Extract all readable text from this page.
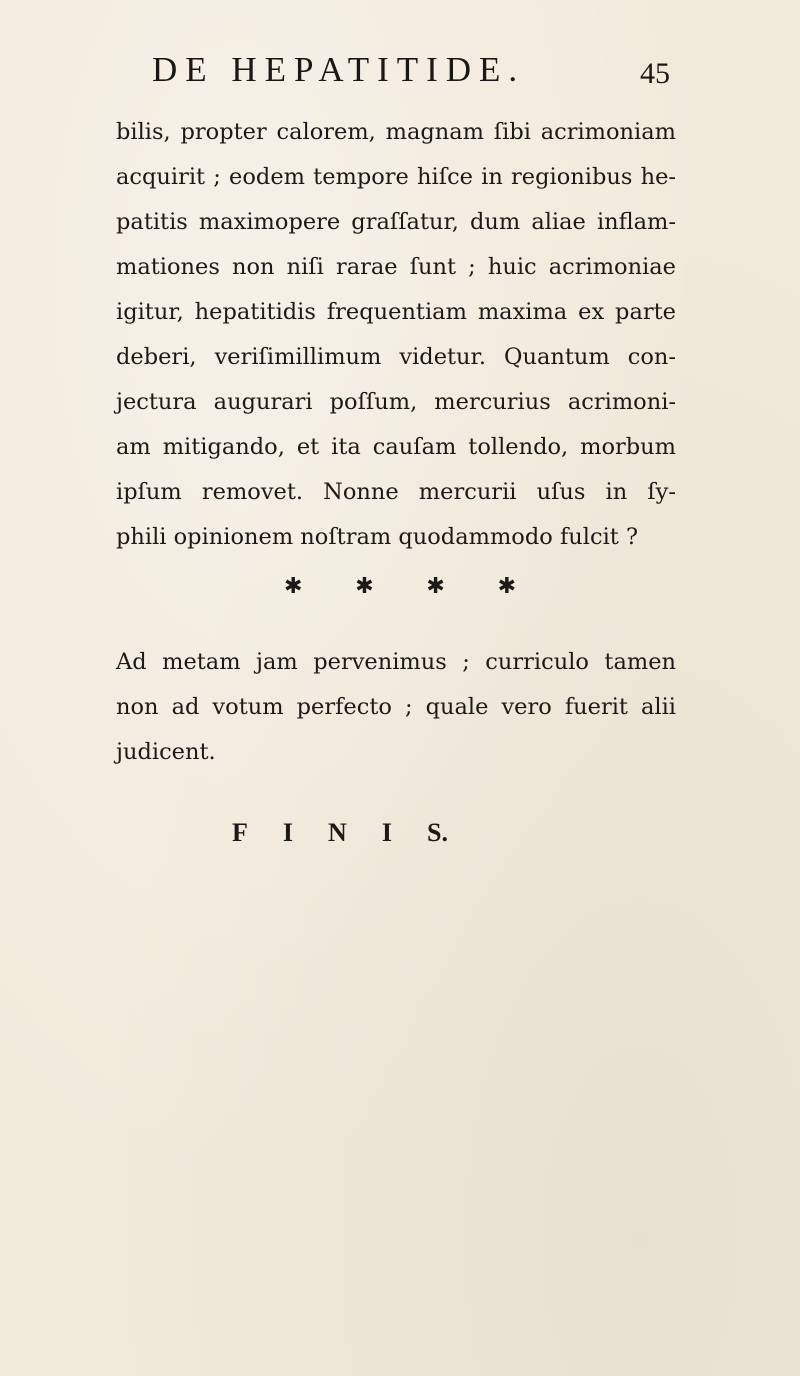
DE HEPATITIDE.	45
bilis, propter calorem, magnam ſibi acrimoniam
acquirit ; eodem tempore hiſce in regionibus he-
patitis maximopere graſſatur, dum aliae inflam-
mationes non niſi rarae ſunt ; huic acrimoniae
igitur, hepatitidis frequentiam maxima ex parte
deberi, veriſimillimum videtur. Quantum con-
jectura augurari poſſum, mercurius acrimoni-
am mitigando, et ita cauſam tollendo, morbum
ipſum removet. Nonne mercurii uſus in ſy-
phili opinionem noſtram quodammodo fulcit ?
✱ ✱ ✱ ✱
Ad metam jam pervenimus ; curriculo tamen
non ad votum perfecto ; quale vero fuerit alii
judicent.
F I N I S.
